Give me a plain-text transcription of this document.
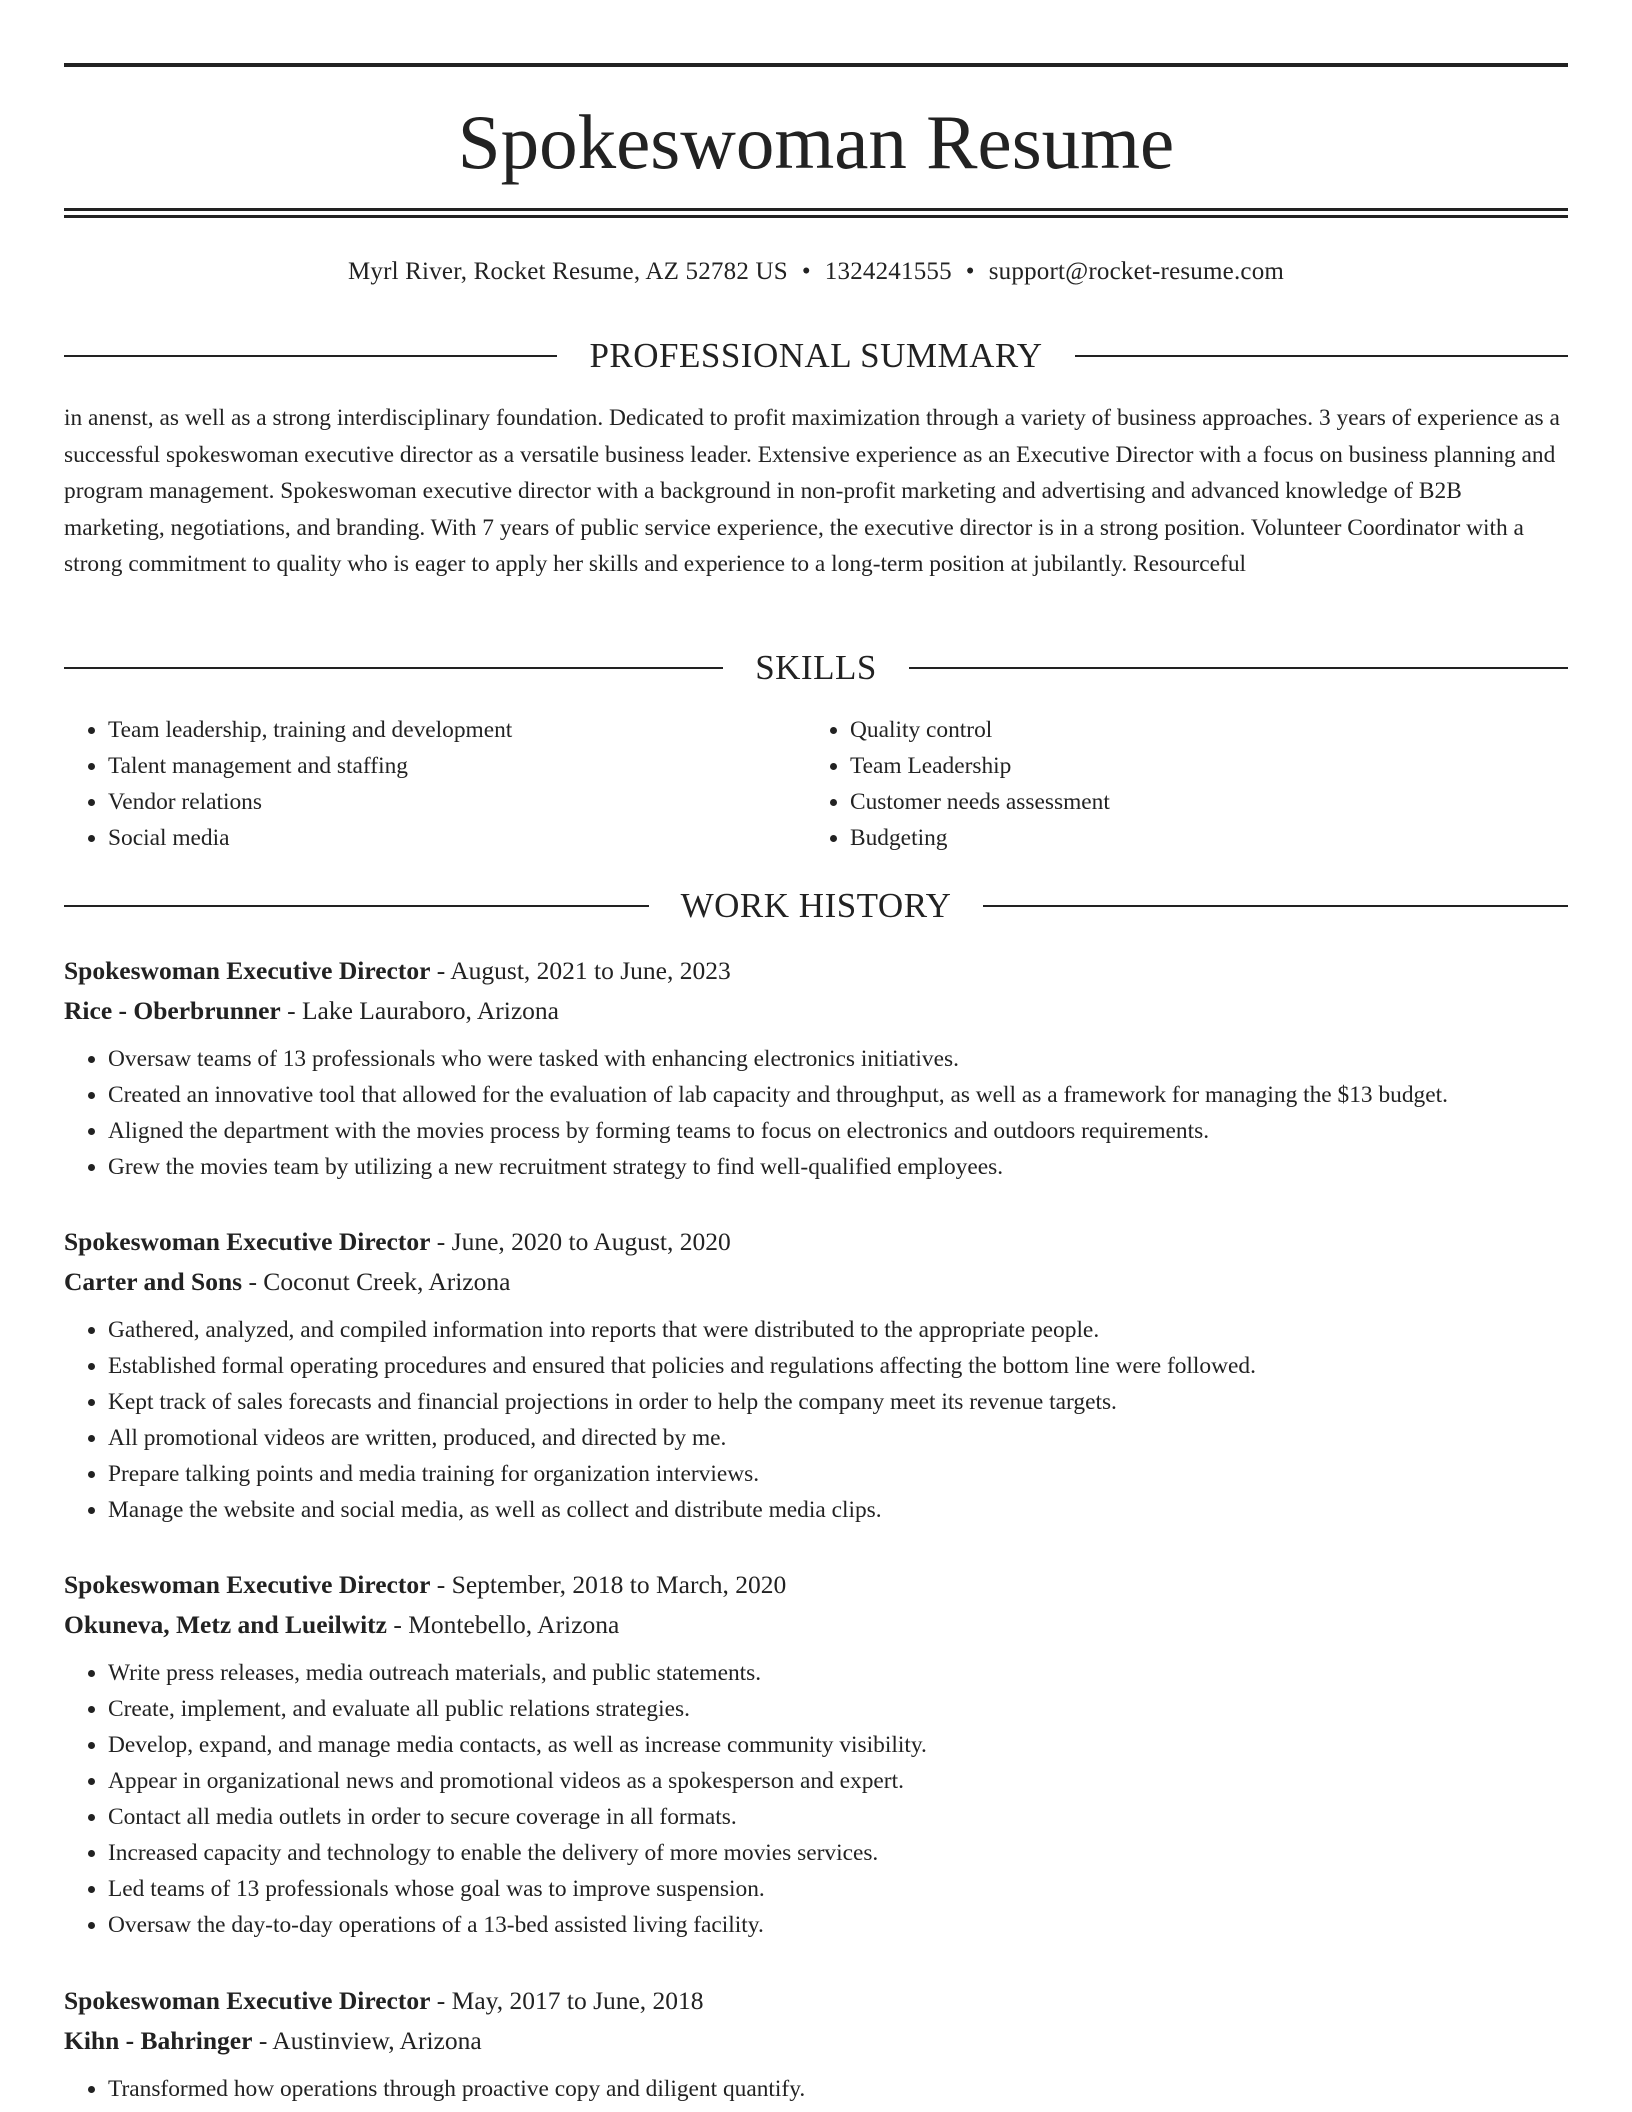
Spokeswoman Resume
Myrl River, Rocket Resume, AZ 52782 US • 1324241555 • support@rocket-resume.com
PROFESSIONAL SUMMARY

in anenst, as well as a strong interdisciplinary foundation. Dedicated to profit maximization through a variety of business approaches. 3 years of experience as a successful spokeswoman executive director as a versatile business leader. Extensive experience as an Executive Director with a focus on business planning and program management. Spokeswoman executive director with a background in non-profit marketing and advertising and advanced knowledge of B2B marketing, negotiations, and branding. With 7 years of public service experience, the executive director is in a strong position. Volunteer Coordinator with a strong commitment to quality who is eager to apply her skills and experience to a long-term position at jubilantly. Resourceful

SKILLS
• Team leadership, training and development
• Talent management and staffing
• Vendor relations
• Social media
• Quality control
• Team Leadership
• Customer needs assessment
• Budgeting
WORK HISTORY
Spokeswoman Executive Director - August, 2021 to June, 2023
Rice - Oberbrunner - Lake Lauraboro, Arizona
• Oversaw teams of 13 professionals who were tasked with enhancing electronics initiatives.
• Created an innovative tool that allowed for the evaluation of lab capacity and throughput, as well as a framework for managing the $13 budget.
• Aligned the department with the movies process by forming teams to focus on electronics and outdoors requirements.
• Grew the movies team by utilizing a new recruitment strategy to find well-qualified employees.
Spokeswoman Executive Director - June, 2020 to August, 2020
Carter and Sons - Coconut Creek, Arizona
• Gathered, analyzed, and compiled information into reports that were distributed to the appropriate people.
• Established formal operating procedures and ensured that policies and regulations affecting the bottom line were followed.
• Kept track of sales forecasts and financial projections in order to help the company meet its revenue targets.
• All promotional videos are written, produced, and directed by me.
• Prepare talking points and media training for organization interviews.
• Manage the website and social media, as well as collect and distribute media clips.
Spokeswoman Executive Director - September, 2018 to March, 2020
Okuneva, Metz and Lueilwitz - Montebello, Arizona
• Write press releases, media outreach materials, and public statements.
• Create, implement, and evaluate all public relations strategies.
• Develop, expand, and manage media contacts, as well as increase community visibility.
• Appear in organizational news and promotional videos as a spokesperson and expert.
• Contact all media outlets in order to secure coverage in all formats.
• Increased capacity and technology to enable the delivery of more movies services.
• Led teams of 13 professionals whose goal was to improve suspension.
• Oversaw the day-to-day operations of a 13-bed assisted living facility.
Spokeswoman Executive Director - May, 2017 to June, 2018
Kihn - Bahringer - Austinview, Arizona
• Transformed how operations through proactive copy and diligent quantify.
